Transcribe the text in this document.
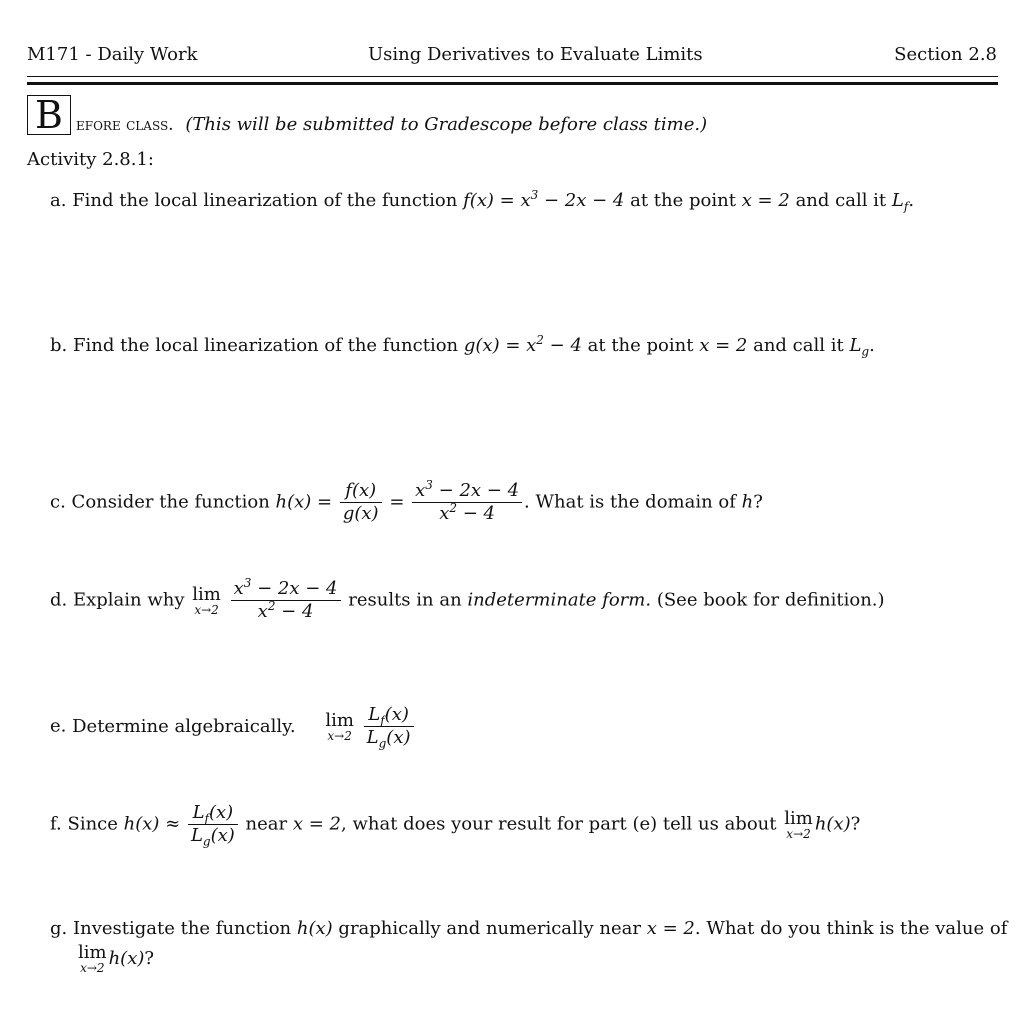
M171 - Daily Work	Using Derivatives to Evaluate Limits	Section 2.8
B efore class. (This will be submitted to Gradescope before class time.)
Activity 2.8.1:
a. Find the local linearization of the function $f(x) = x^3 - 2x - 4$ at the point x = 2 and call it $L_f$.
b. Find the local linearization of the function $g(x) = x^2 - 4$ at the point x = 2 and call it $L_g$.
c. Consider the function $h(x) = \frac{f(x)}{g(x)} = \frac{x^3 - 2x - 4}{x^2 - 4}$ . What is the domain of h?
d. Explain why lim
x→2
$\frac{x^3 - 2x - 4}{x^2 - 4}$ results in an indeterminate form. (See book for definition.)
e. Determine algebraically. lim
x→2
$\frac{L_f(x)}{L_g(x)}$
f. Since $h(x) \approx \frac{L_f(x)}{L_g(x)}$ near x = 2, what does your result for part (e) tell us about lim
x→2 h(x)?
g. Investigate the function h(x) graphically and numerically near x = 2. What do you think is the value of
lim
x→2 h(x)?
